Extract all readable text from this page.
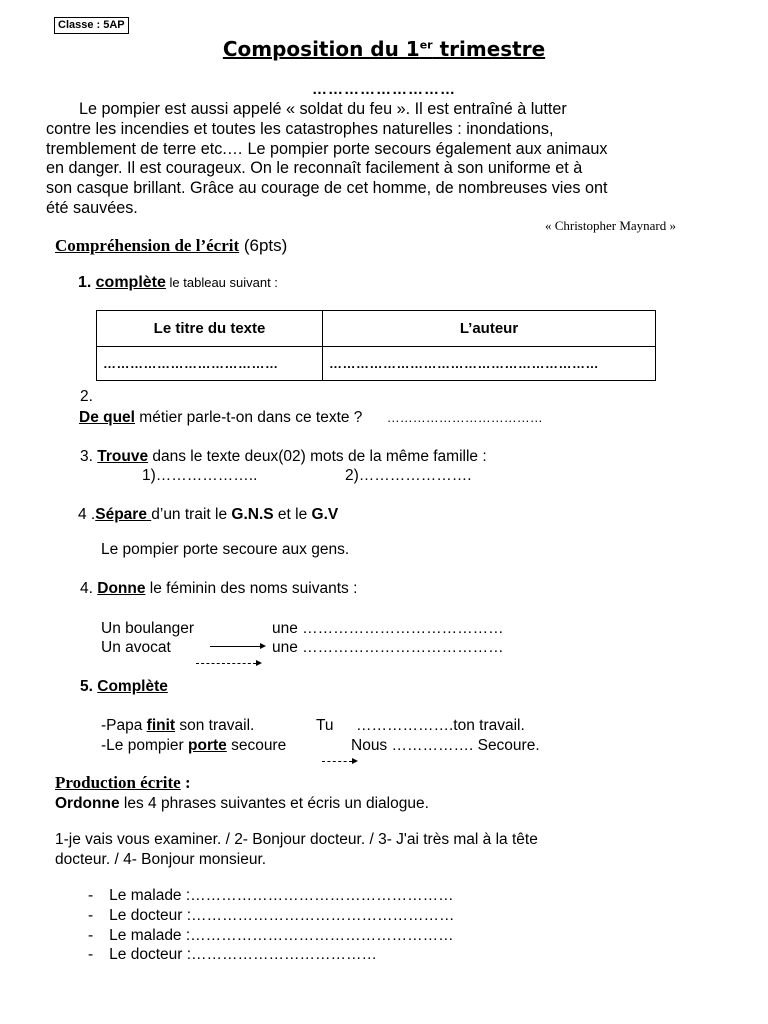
Classe : 5AP
Composition du 1er trimestre
………………………
Le pompier est aussi appelé « soldat du feu ». Il est entraîné à lutter
contre les incendies et toutes les catastrophes naturelles : inondations,
tremblement de terre etc.… Le pompier porte secours également aux animaux
en danger. Il est courageux. On le reconnaît facilement à son uniforme et à
son casque brillant. Grâce au courage de cet homme, de nombreuses vies ont
été sauvées.
« Christopher Maynard »
Compréhension de l’écrit (6pts)
1. complète le tableau suivant :
Le titre du texte	L’auteur
…………………………………	……………………………………………………
2.
De quel métier parle-t-on dans ce texte ? ………………………………
3. Trouve dans le texte deux(02) mots de la même famille :
1)………………..	2)………………….
4 .Sépare d’un trait le G.N.S et le G.V
Le pompier porte secoure aux gens.
4. Donne le féminin des noms suivants :
Un boulanger	une …………………………………
Un avocat	une …………………………………
5. Complète
-Papa finit son travail.	Tu ……………….ton travail.
-Le pompier porte secoure	Nous ……………. Secoure.
Production écrite :
Ordonne les 4 phrases suivantes et écris un dialogue.
1-je vais vous examiner. / 2- Bonjour docteur. / 3- J'ai très mal à la tête
docteur. / 4- Bonjour monsieur.
- Le malade :……………………………………………
- Le docteur :……………………………………………
- Le malade :……………………………………………
- Le docteur :………………………………
